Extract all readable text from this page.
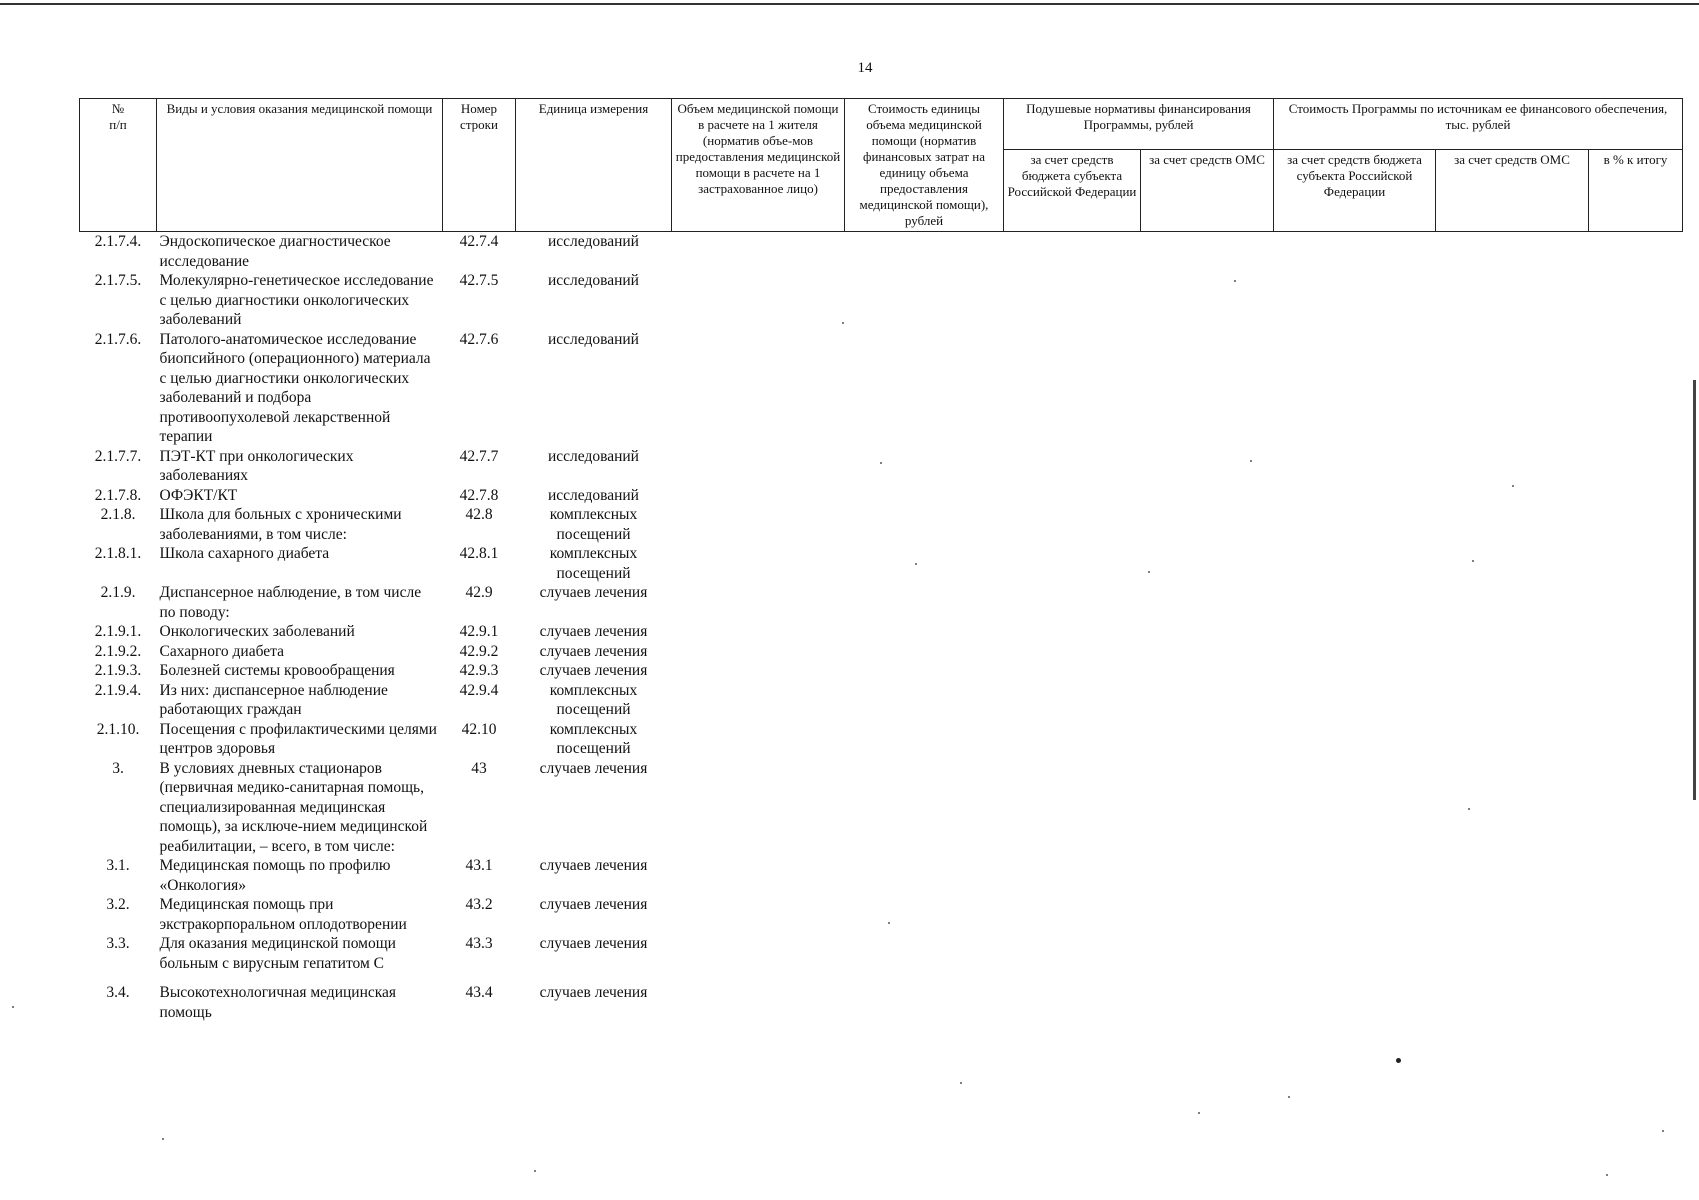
14
№
п/п	Виды и условия оказания медицинской помощи	Номер строки	Единица измерения	Объем медицинской помощи в расчете на 1 жителя (норматив объе-мов предоставления медицинской помощи в расчете на 1 застрахованное лицо)	Стоимость единицы объема медицинской помощи (норматив финансовых затрат на единицу объема предоставления медицинской помощи), рублей	Подушевые нормативы финансирования Программы, рублей		Стоимость Программы по источникам ее финансового обеспечения, тыс. рублей		
						за счет средств бюджета субъекта Российской Федерации	за счет средств ОМС	за счет средств бюджета субъекта Российской Федерации	за счет средств ОМС	в % к итогу
2.1.7.4.	Эндоскопическое диагностическое исследование	42.7.4	исследований							
2.1.7.5.	Молекулярно-генетическое исследование с целью диагностики онкологических заболеваний	42.7.5	исследований							
2.1.7.6.	Патолого-анатомическое исследование биопсийного (операционного) материала с целью диагностики онкологических заболеваний и подбора противоопухолевой лекарственной терапии	42.7.6	исследований							
2.1.7.7.	ПЭТ-КТ при онкологических заболеваниях	42.7.7	исследований							
2.1.7.8.	ОФЭКТ/КТ	42.7.8	исследований							
2.1.8.	Школа для больных с хроническими заболеваниями, в том числе:	42.8	комплексных посещений							
2.1.8.1.	Школа сахарного диабета	42.8.1	комплексных посещений							
2.1.9.	Диспансерное наблюдение, в том числе по поводу:	42.9	случаев лечения							
2.1.9.1.	Онкологических заболеваний	42.9.1	случаев лечения							
2.1.9.2.	Сахарного диабета	42.9.2	случаев лечения							
2.1.9.3.	Болезней системы кровообращения	42.9.3	случаев лечения							
2.1.9.4.	Из них: диспансерное наблюдение работающих граждан	42.9.4	комплексных посещений							
2.1.10.	Посещения с профилактическими целями центров здоровья	42.10	комплексных посещений							
3.	В условиях дневных стационаров (первичная медико-санитарная помощь, специализированная медицинская помощь), за исключе-нием медицинской реабилитации, – всего, в том числе:	43	случаев лечения							
3.1.	Медицинская помощь по профилю «Онкология»	43.1	случаев лечения							
3.2.	Медицинская помощь при экстракорпоральном оплодотворении	43.2	случаев лечения							
3.3.	Для оказания медицинской помощи больным с вирусным гепатитом С	43.3	случаев лечения							
3.4.	Высокотехнологичная медицинская помощь	43.4	случаев лечения							
